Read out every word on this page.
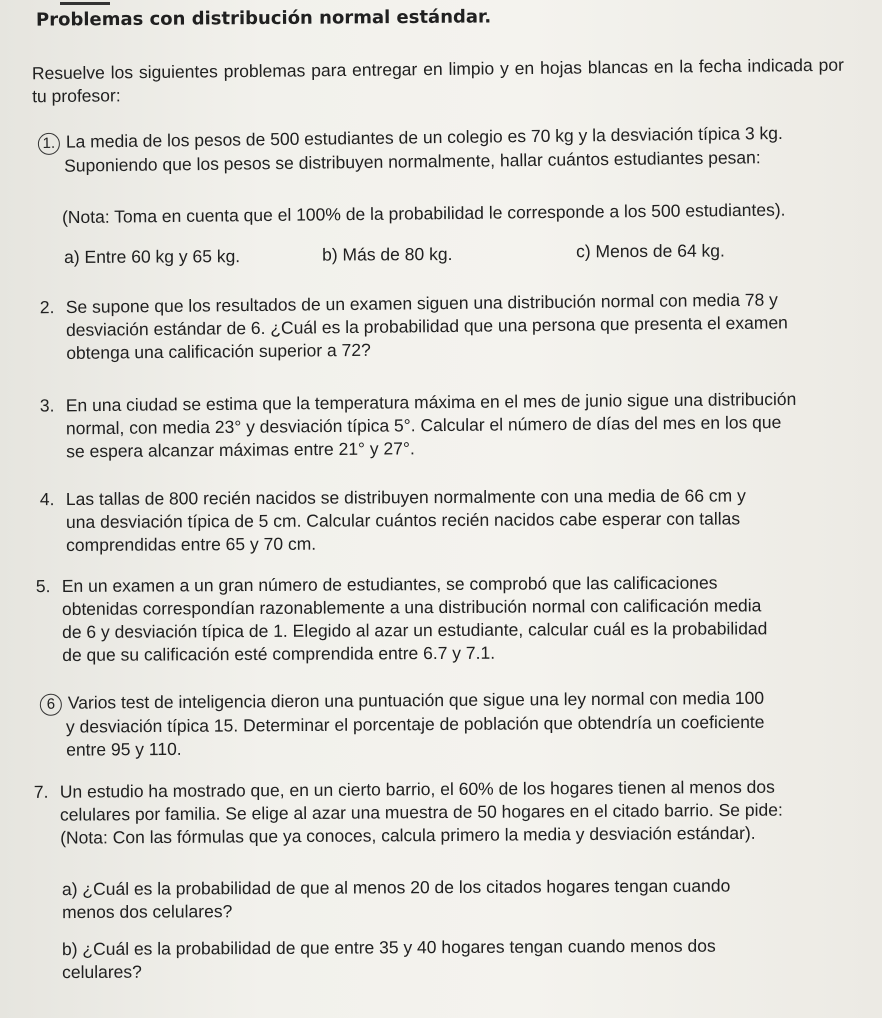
Problemas con distribución normal estándar.
Resuelve los siguientes problemas para entregar en limpio y en hojas blancas en la fecha indicada por tu profesor:
1. La media de los pesos de 500 estudiantes de un colegio es 70 kg y la desviación típica 3 kg.
Suponiendo que los pesos se distribuyen normalmente, hallar cuántos estudiantes pesan:
(Nota: Toma en cuenta que el 100% de la probabilidad le corresponde a los 500 estudiantes).
a) Entre 60 kg y 65 kg.	b) Más de 80 kg.	c) Menos de 64 kg.
2. Se supone que los resultados de un examen siguen una distribución normal con media 78 y
desviación estándar de 6. ¿Cuál es la probabilidad que una persona que presenta el examen
obtenga una calificación superior a 72?
3. En una ciudad se estima que la temperatura máxima en el mes de junio sigue una distribución
normal, con media 23° y desviación típica 5°. Calcular el número de días del mes en los que
se espera alcanzar máximas entre 21° y 27°.
4. Las tallas de 800 recién nacidos se distribuyen normalmente con una media de 66 cm y
una desviación típica de 5 cm. Calcular cuántos recién nacidos cabe esperar con tallas
comprendidas entre 65 y 70 cm.
5. En un examen a un gran número de estudiantes, se comprobó que las calificaciones
obtenidas correspondían razonablemente a una distribución normal con calificación media
de 6 y desviación típica de 1. Elegido al azar un estudiante, calcular cuál es la probabilidad
de que su calificación esté comprendida entre 6.7 y 7.1.
6 Varios test de inteligencia dieron una puntuación que sigue una ley normal con media 100
y desviación típica 15. Determinar el porcentaje de población que obtendría un coeficiente
entre 95 y 110.
7. Un estudio ha mostrado que, en un cierto barrio, el 60% de los hogares tienen al menos dos
celulares por familia. Se elige al azar una muestra de 50 hogares en el citado barrio. Se pide:
(Nota: Con las fórmulas que ya conoces, calcula primero la media y desviación estándar).
a) ¿Cuál es la probabilidad de que al menos 20 de los citados hogares tengan cuando
menos dos celulares?
b) ¿Cuál es la probabilidad de que entre 35 y 40 hogares tengan cuando menos dos
celulares?
